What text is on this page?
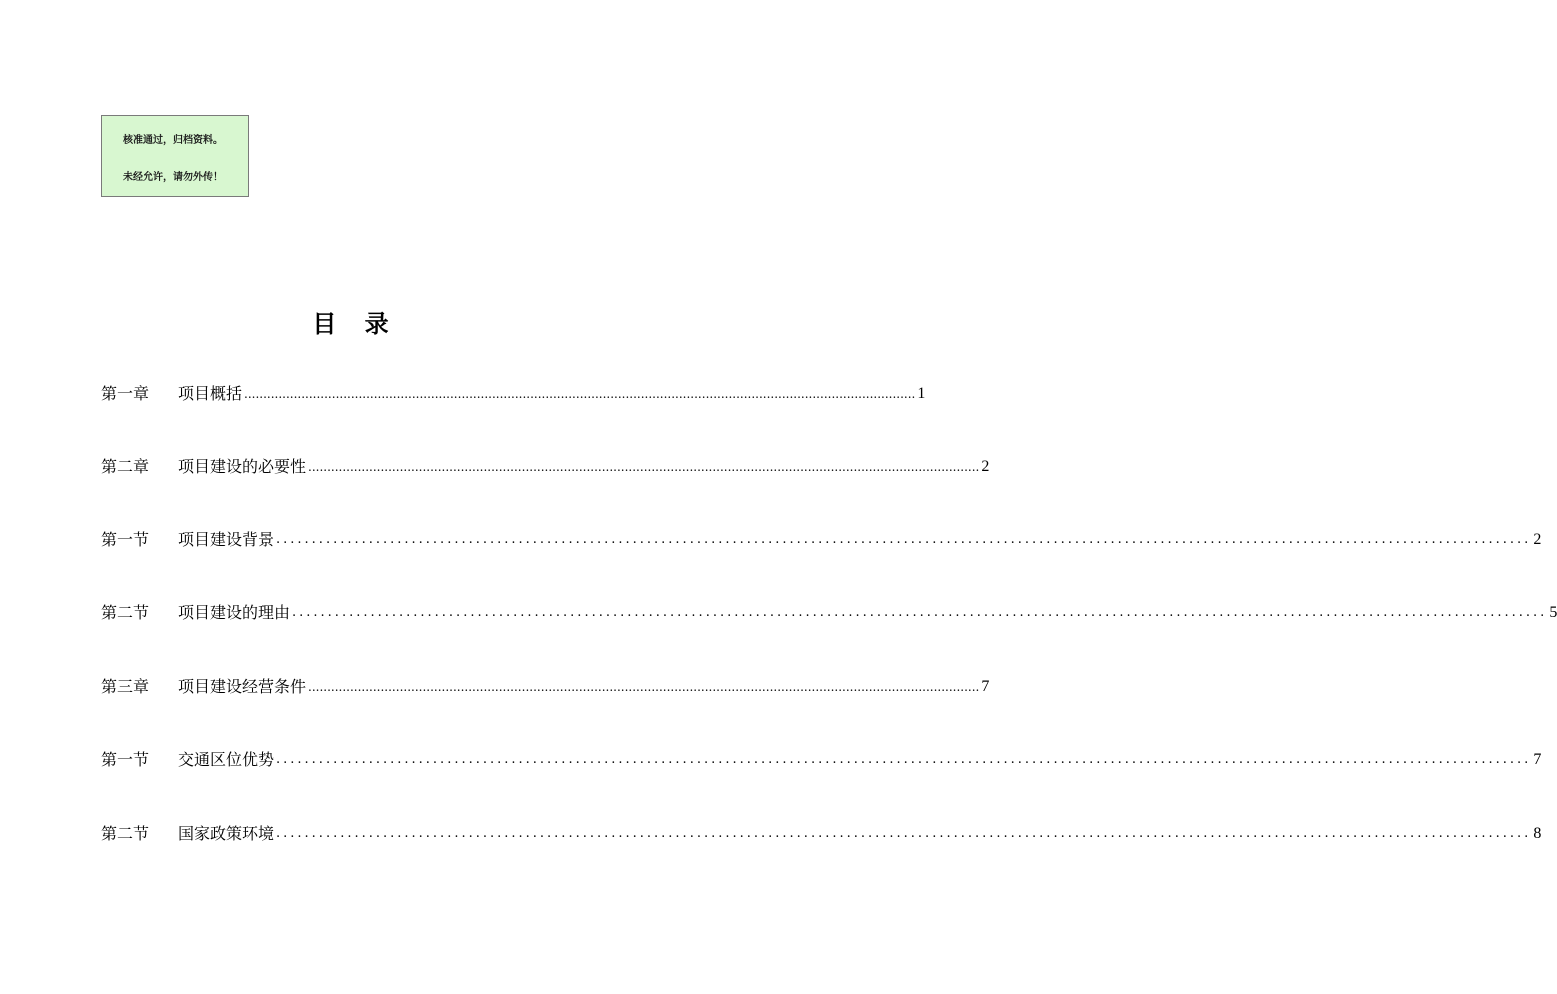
核准通过，归档资料。
未经允许，请勿外传！
目 录
第一章 项目概括 ................................................................................................................................................................................ 1
第二章 项目建设的必要性 ................................................................................................................................................................................ 2
第一节 项目建设背景 ................................................................................................................................................................................ 2
第二节 项目建设的理由 ................................................................................................................................................................................ 5
第三章 项目建设经营条件 ................................................................................................................................................................................ 7
第一节 交通区位优势 ................................................................................................................................................................................ 7
第二节 国家政策环境 ................................................................................................................................................................................ 8
